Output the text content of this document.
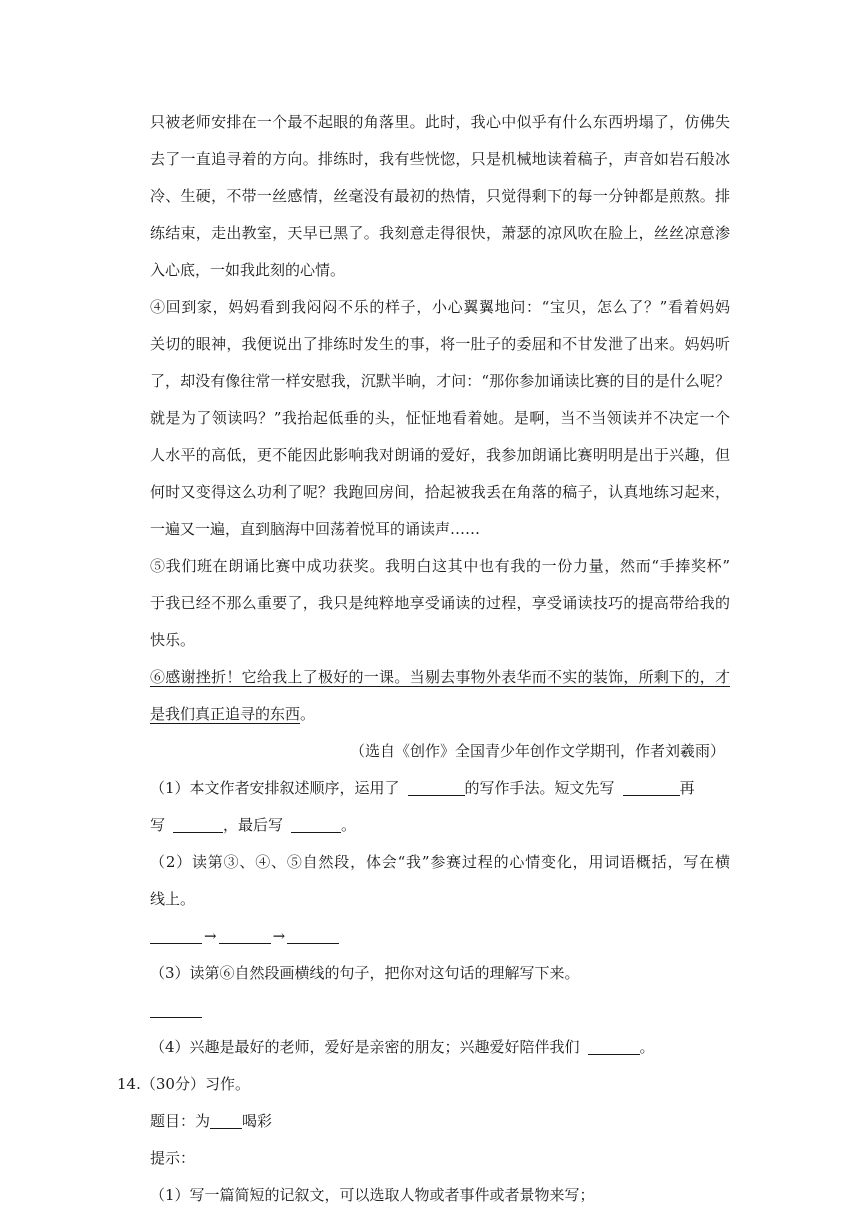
只被老师安排在一个最不起眼的角落里。此时，我心中似乎有什么东西坍塌了，仿佛失
去了一直追寻着的方向。排练时，我有些恍惚，只是机械地读着稿子，声音如岩石般冰
冷、生硬，不带一丝感情，丝毫没有最初的热情，只觉得剩下的每一分钟都是煎熬。排
练结束，走出教室，天早已黑了。我刻意走得很快，萧瑟的凉风吹在脸上，丝丝凉意渗
入心底，一如我此刻的心情。
④回到家，妈妈看到我闷闷不乐的样子，小心翼翼地问：“宝贝，怎么了？”看着妈妈
关切的眼神，我便说出了排练时发生的事，将一肚子的委屈和不甘发泄了出来。妈妈听
了，却没有像往常一样安慰我，沉默半晌，才问：“那你参加诵读比赛的目的是什么呢？
就是为了领读吗？”我抬起低垂的头，怔怔地看着她。是啊，当不当领读并不决定一个
人水平的高低，更不能因此影响我对朗诵的爱好，我参加朗诵比赛明明是出于兴趣，但
何时又变得这么功利了呢？我跑回房间，拾起被我丢在角落的稿子，认真地练习起来，
一遍又一遍，直到脑海中回荡着悦耳的诵读声……
⑤我们班在朗诵比赛中成功获奖。我明白这其中也有我的一份力量，然而“手捧奖杯”
于我已经不那么重要了，我只是纯粹地享受诵读的过程，享受诵读技巧的提高带给我的
快乐。
⑥感谢挫折！它给我上了极好的一课。当剔去事物外表华而不实的装饰，所剩下的，才
是我们真正追寻的东西。
（选自《创作》全国青少年创作文学期刊，作者刘羲雨）
（1）本文作者安排叙述顺序，运用了	的写作手法。短文先写	再
写	，最后写	。
（2）读第③、④、⑤自然段，体会“我”参赛过程的心情变化，用词语概括，写在横
线上。
→	→
（3）读第⑥自然段画横线的句子，把你对这句话的理解写下来。
（4）兴趣是最好的老师，爱好是亲密的朋友；兴趣爱好陪伴我们	。
14.（30分）习作。
题目：为 喝彩
提示：
（1）写一篇简短的记叙文，可以选取人物或者事件或者景物来写；
